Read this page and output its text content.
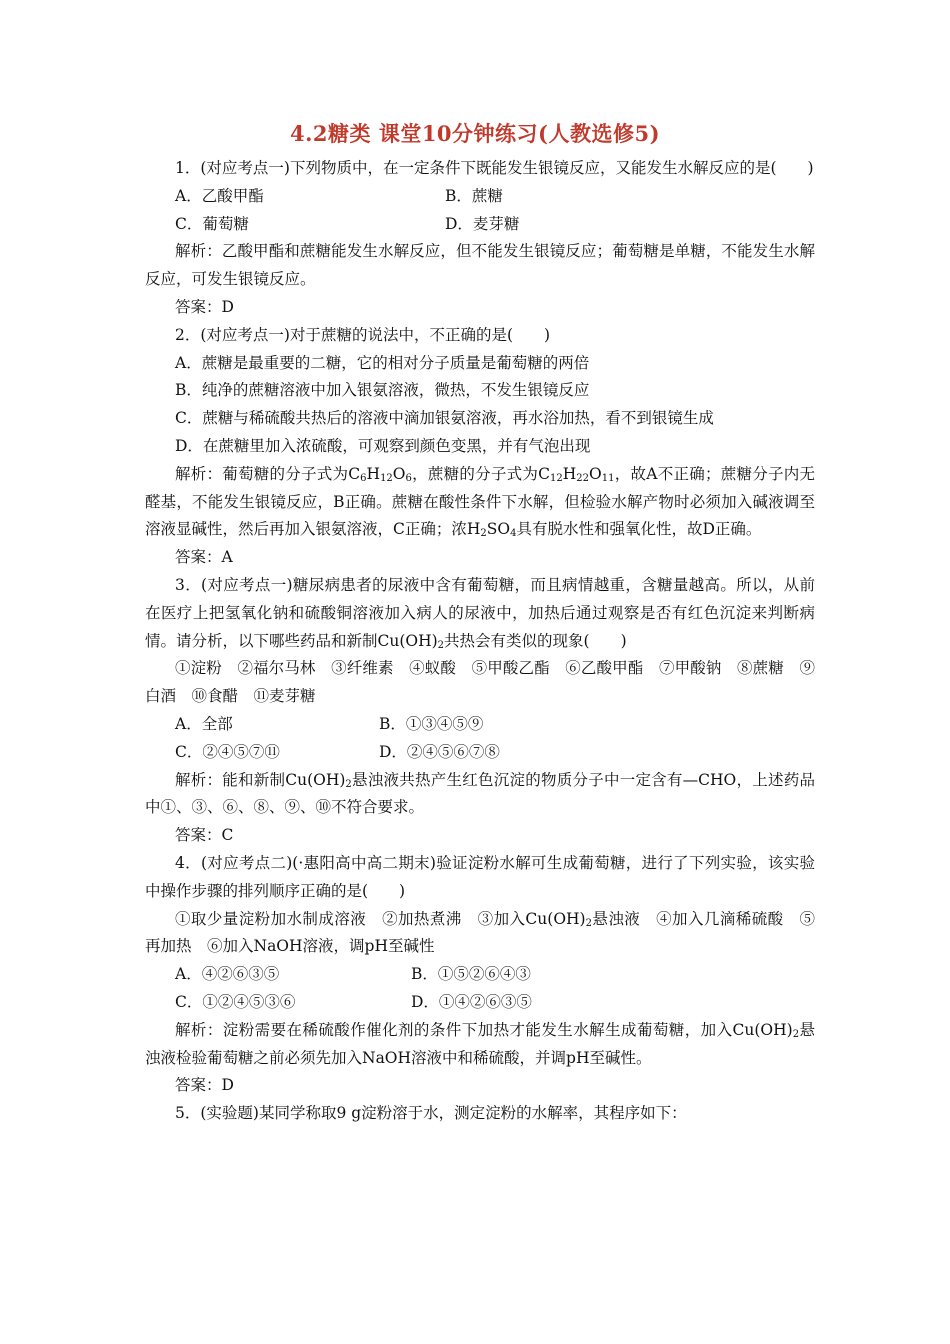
4.2糖类 课堂10分钟练习(人教选修5)

1．(对应考点一)下列物质中，在一定条件下既能发生银镜反应，又能发生水解反应的是(　　)

A．乙酸甲酯	B．蔗糖
C．葡萄糖	D．麦芽糖

解析：乙酸甲酯和蔗糖能发生水解反应，但不能发生银镜反应；葡萄糖是单糖，不能发生水解反应，可发生银镜反应。

答案：D

2．(对应考点一)对于蔗糖的说法中，不正确的是(　　)

A．蔗糖是最重要的二糖，它的相对分子质量是葡萄糖的两倍

B．纯净的蔗糖溶液中加入银氨溶液，微热，不发生银镜反应

C．蔗糖与稀硫酸共热后的溶液中滴加银氨溶液，再水浴加热，看不到银镜生成

D．在蔗糖里加入浓硫酸，可观察到颜色变黑，并有气泡出现

解析：葡萄糖的分子式为$C_6H_{12}O_6$，蔗糖的分子式为$C_{12}H_{22}O_{11}$，故A不正确；蔗糖分子内无醛基，不能发生银镜反应，B正确。蔗糖在酸性条件下水解，但检验水解产物时必须加入碱液调至溶液显碱性，然后再加入银氨溶液，C正确；浓$H_2SO_4$具有脱水性和强氧化性，故D正确。

答案：A

3．(对应考点一)糖尿病患者的尿液中含有葡萄糖，而且病情越重，含糖量越高。所以，从前在医疗上把氢氧化钠和硫酸铜溶液加入病人的尿液中，加热后通过观察是否有红色沉淀来判断病情。请分析，以下哪些药品和新制$Cu(OH)_2$共热会有类似的现象(　　)

①淀粉　②福尔马林　③纤维素　④蚁酸　⑤甲酸乙酯　⑥乙酸甲酯　⑦甲酸钠　⑧蔗糖　⑨白酒　⑩食醋　⑪麦芽糖

A．全部	B．①③④⑤⑨
C．②④⑤⑦⑪	D．②④⑤⑥⑦⑧

解析：能和新制$Cu(OH)_2$悬浊液共热产生红色沉淀的物质分子中一定含有—CHO，上述药品中①、③、⑥、⑧、⑨、⑩不符合要求。

答案：C

4．(对应考点二)(·惠阳高中高二期末)验证淀粉水解可生成葡萄糖，进行了下列实验，该实验中操作步骤的排列顺序正确的是(　　)

①取少量淀粉加水制成溶液　②加热煮沸　③加入$Cu(OH)_2$悬浊液　④加入几滴稀硫酸　⑤再加热　⑥加入NaOH溶液，调pH至碱性

A．④②⑥③⑤	B．①⑤②⑥④③
C．①②④⑤③⑥	D．①④②⑥③⑤

解析：淀粉需要在稀硫酸作催化剂的条件下加热才能发生水解生成葡萄糖，加入$Cu(OH)_2$悬浊液检验葡萄糖之前必须先加入NaOH溶液中和稀硫酸，并调pH至碱性。

答案：D

5．(实验题)某同学称取9 g淀粉溶于水，测定淀粉的水解率，其程序如下：
